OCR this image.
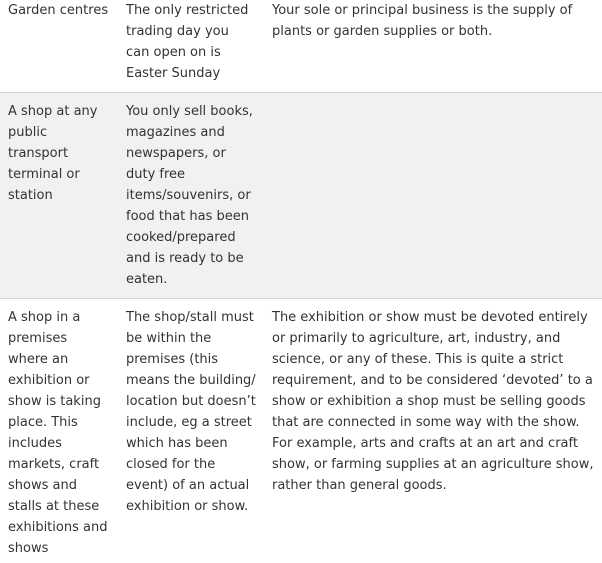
Garden centres	The only restricted trading day you can open on is Easter Sunday	Your sole or principal business is the supply of plants or garden supplies or both.
A shop at any public transport terminal or station	You only sell books, magazines and newspapers, or duty free items/souvenirs, or food that has been cooked/prepared and is ready to be eaten.	
A shop in a premises where an exhibition or show is taking place. This includes markets, craft shows and stalls at these exhibitions and shows	The shop/stall must be within the premises (this means the building/ location but doesn’t include, eg a street which has been closed for the event) of an actual exhibition or show.	The exhibition or show must be devoted entirely or primarily to agriculture, art, industry, and science, or any of these. This is quite a strict requirement, and to be considered ‘devoted’ to a show or exhibition a shop must be selling goods that are connected in some way with the show. For example, arts and crafts at an art and craft show, or farming supplies at an agriculture show, rather than general goods.
